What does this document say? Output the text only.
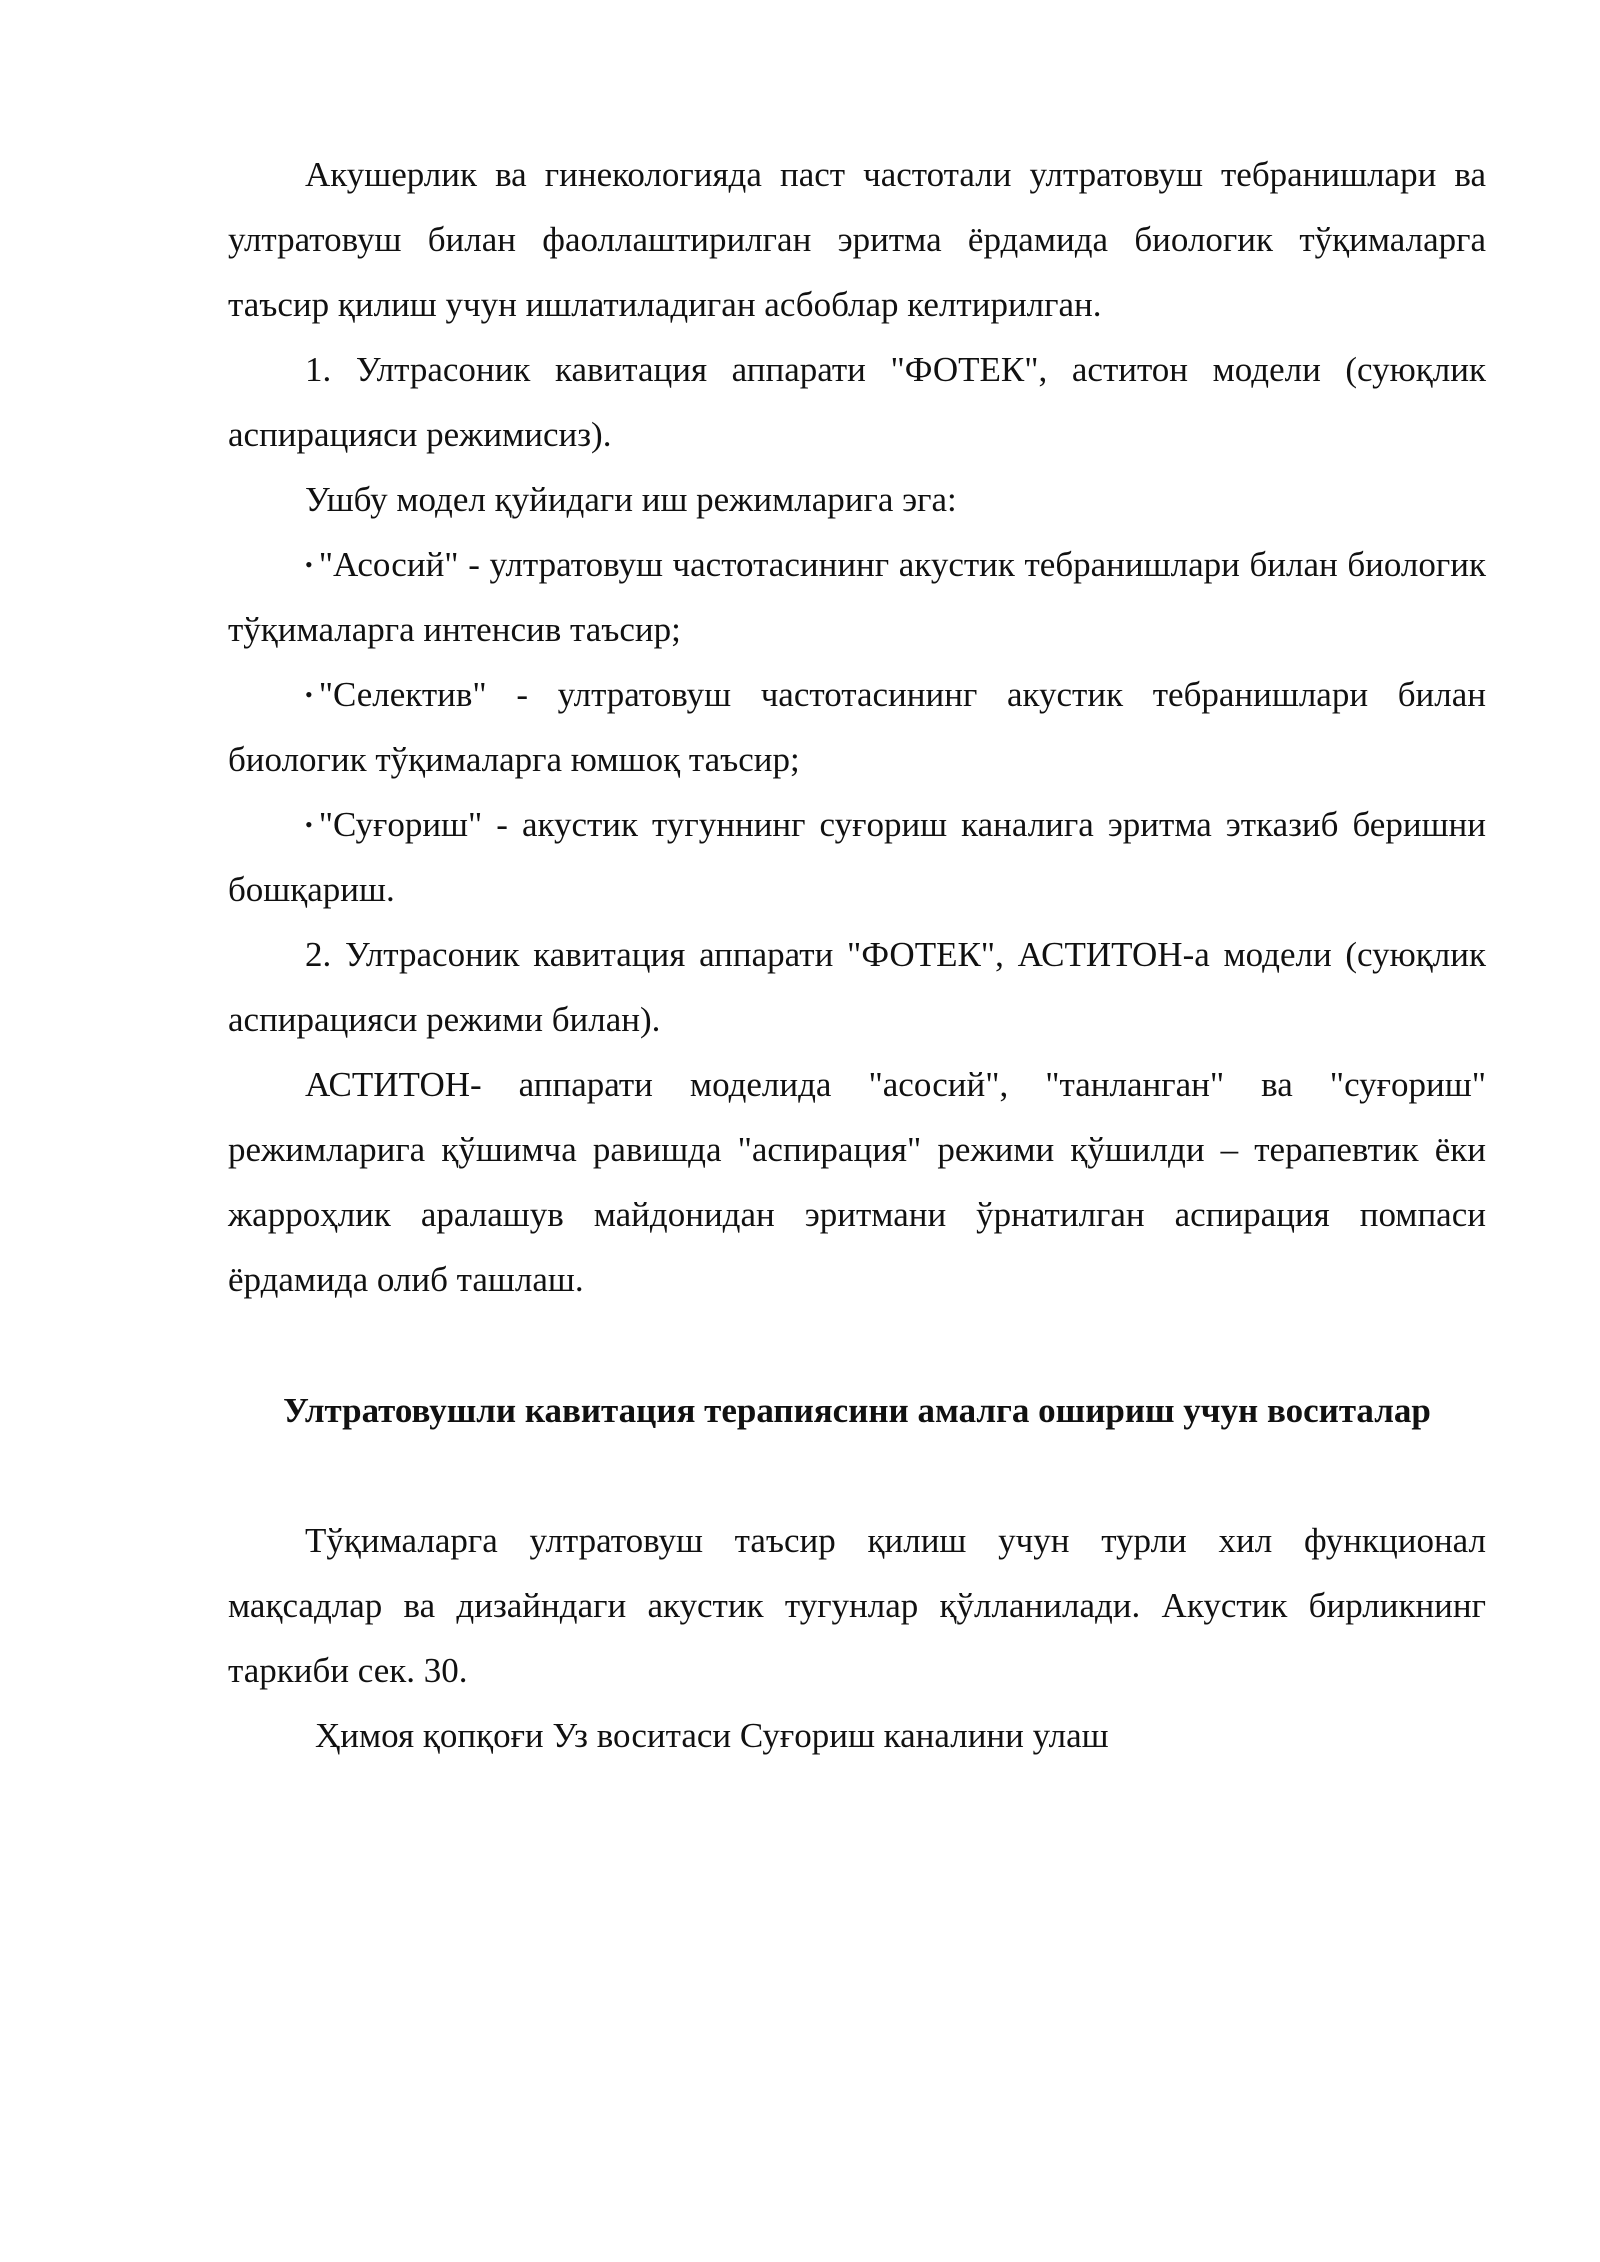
Акушерлик ва гинекологияда паст частотали ултратовуш тебранишлари ва ултратовуш билан фаоллаштирилган эритма ёрдамида биологик тўқималарга таъсир қилиш учун ишлатиладиган асбоблар келтирилган.

1. Ултрасоник кавитация аппарати "ФОТЕК", аститон модели (суюқлик аспирацияси режимисиз).

Ушбу модел қуйидаги иш режимларига эга:

• "Асосий" - ултратовуш частотасининг акустик тебранишлари билан биологик тўқималарга интенсив таъсир;

• "Селектив" - ултратовуш частотасининг акустик тебранишлари билан биологик тўқималарга юмшоқ таъсир;

• "Суғориш" - акустик тугуннинг суғориш каналига эритма этказиб беришни бошқариш.

2. Ултрасоник кавитация аппарати "ФОТЕК", АСТИТОН-а модели (суюқлик аспирацияси режими билан).

АСТИТОН- аппарати моделида "асосий", "танланган" ва "суғориш" режимларига қўшимча равишда "аспирация" режими қўшилди – терапевтик ёки жарроҳлик аралашув майдонидан эритмани ўрнатилган аспирация помпаси ёрдамида олиб ташлаш.

Ултратовушли кавитация терапиясини амалга ошириш учун воситалар

Тўқималарга ултратовуш таъсир қилиш учун турли хил функционал мақсадлар ва дизайндаги акустик тугунлар қўлланилади. Акустик бирликнинг таркиби сек. 30.

Ҳимоя қопқоғи Уз воситаси Суғориш каналини улаш
